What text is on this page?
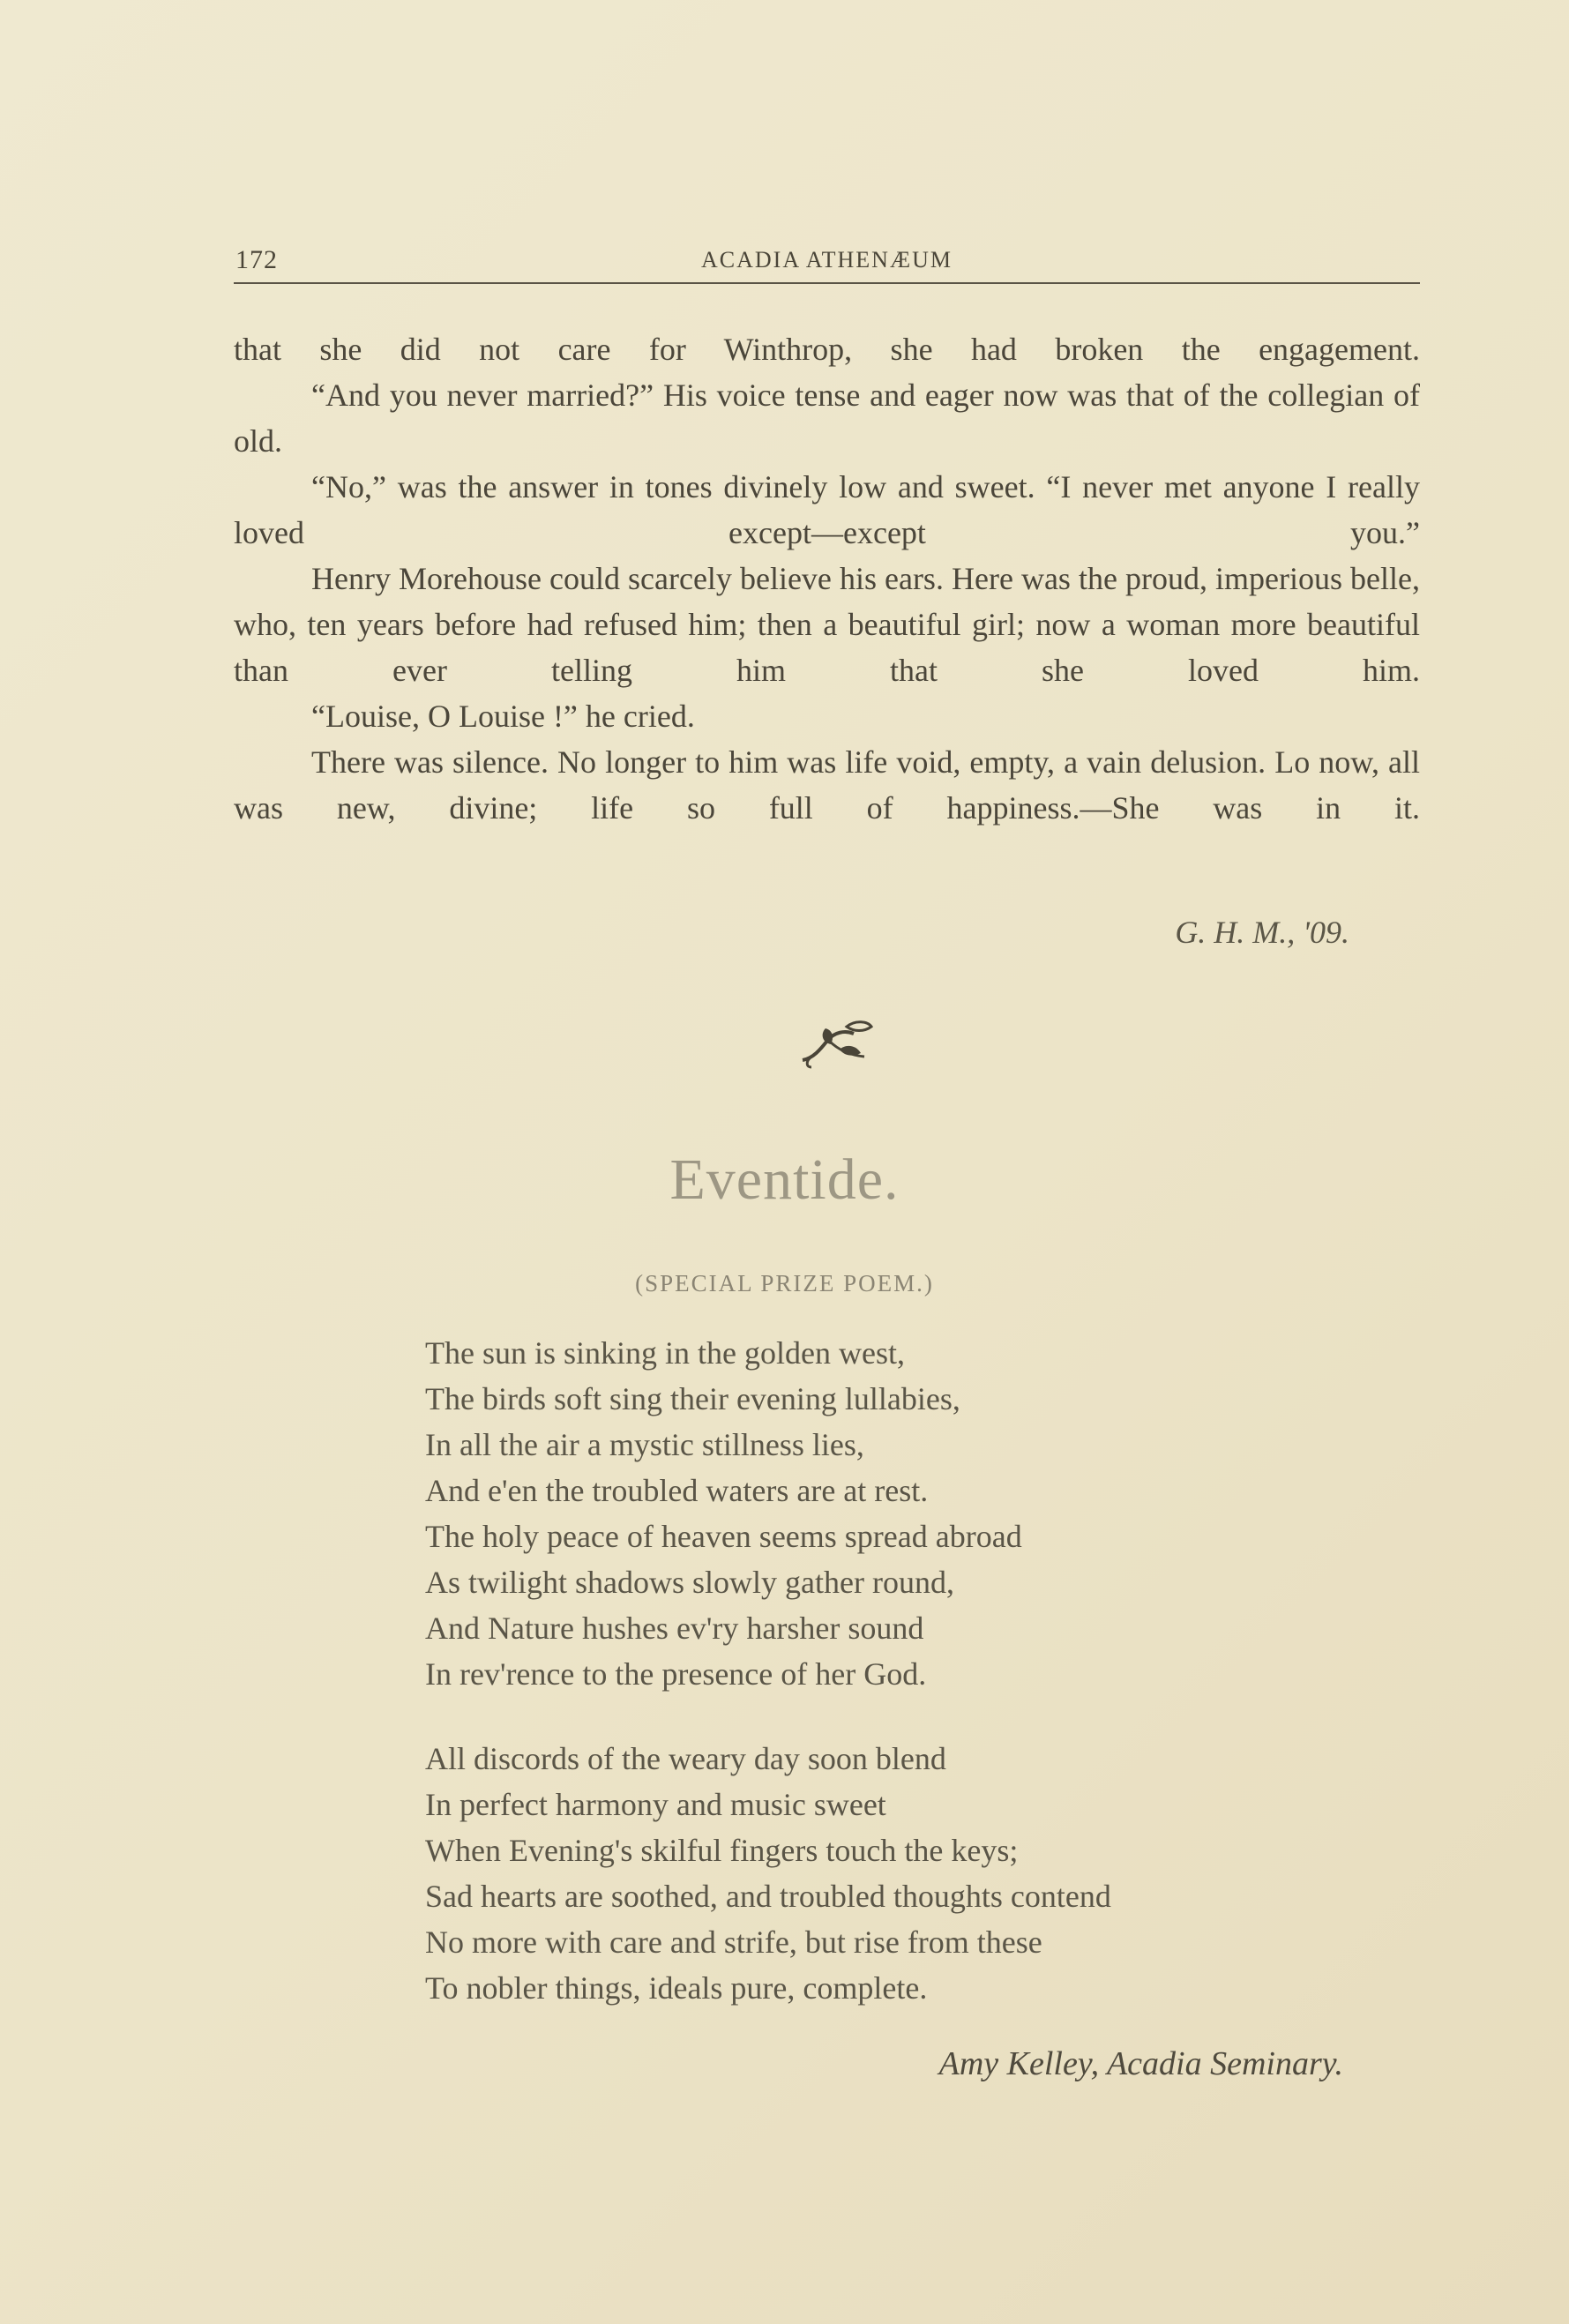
172	ACADIA ATHENÆUM

that she did not care for Winthrop, she had broken the engagement.

“And you never married?” His voice tense and eager now was that of the collegian of old.

“No,” was the answer in tones divinely low and sweet. “I never met anyone I really loved except—except you.”

Henry Morehouse could scarcely believe his ears. Here was the proud, imperious belle, who, ten years before had refused him; then a beautiful girl; now a woman more beautiful than ever telling him that she loved him.

“Louise, O Louise !” he cried.

There was silence. No longer to him was life void, empty, a vain delusion. Lo now, all was new, divine; life so full of happiness.—She was in it.

G. H. M., '09.
Eventide.
(SPECIAL PRIZE POEM.)
The sun is sinking in the golden west,
The birds soft sing their evening lullabies,
In all the air a mystic stillness lies,
And e'en the troubled waters are at rest.
The holy peace of heaven seems spread abroad
As twilight shadows slowly gather round,
And Nature hushes ev'ry harsher sound
In rev'rence to the presence of her God.
All discords of the weary day soon blend
In perfect harmony and music sweet
When Evening's skilful fingers touch the keys;
Sad hearts are soothed, and troubled thoughts contend
No more with care and strife, but rise from these
To nobler things, ideals pure, complete.
Amy Kelley, Acadia Seminary.
